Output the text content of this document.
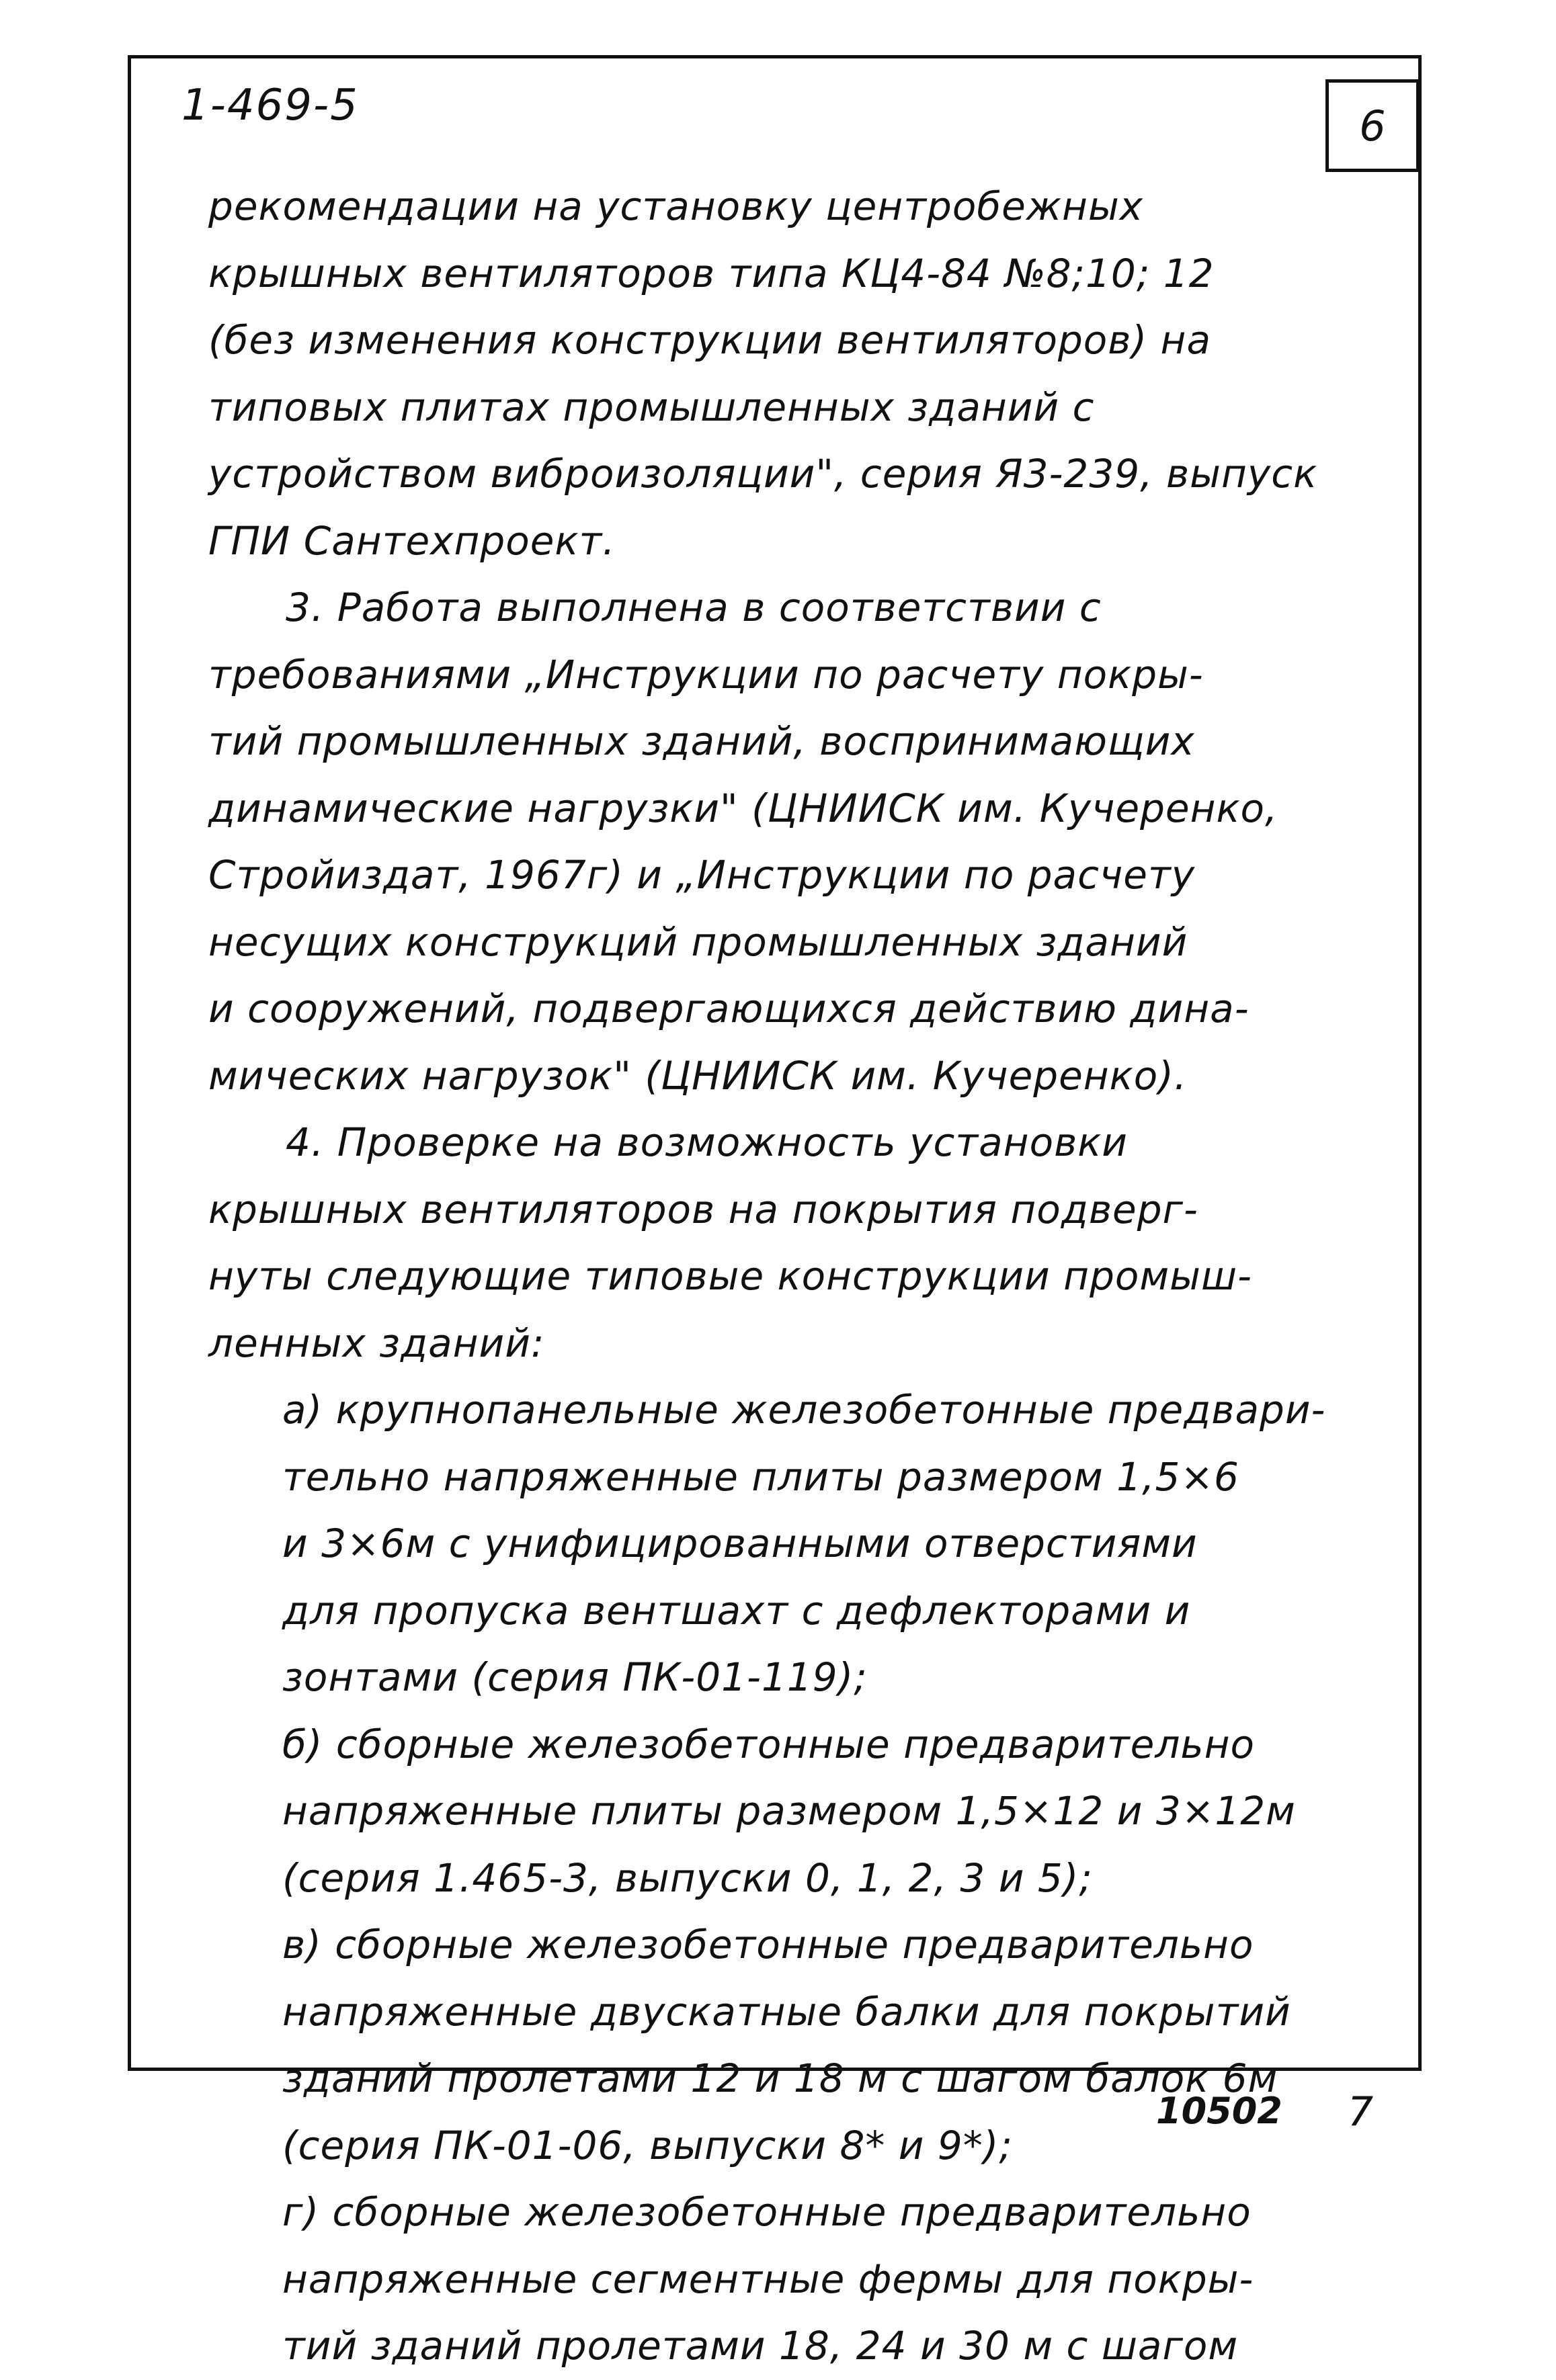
1-469-5	6
рекомендации на установку центробежных
крышных вентиляторов типа КЦ4-84 №8;10; 12
(без изменения конструкции вентиляторов) на
типовых плитах промышленных зданий с
устройством виброизоляции", серия Я3-239, выпуск
ГПИ Сантехпроект.
3. Работа выполнена в соответствии с
требованиями „Инструкции по расчету покры-
тий промышленных зданий, воспринимающих
динамические нагрузки" (ЦНИИСК им. Кучеренко,
Стройиздат, 1967г) и „Инструкции по расчету
несущих конструкций промышленных зданий
и сооружений, подвергающихся действию дина-
мических нагрузок" (ЦНИИСК им. Кучеренко).
4. Проверке на возможность установки
крышных вентиляторов на покрытия подверг-
нуты следующие типовые конструкции промыш-
ленных зданий:
а) крупнопанельные железобетонные предвари-
тельно напряженные плиты размером 1,5×6
и 3×6м с унифицированными отверстиями
для пропуска вентшахт с дефлекторами и
зонтами (серия ПК-01-119);
б) сборные железобетонные предварительно
напряженные плиты размером 1,5×12 и 3×12м
(серия 1.465-3, выпуски 0, 1, 2, 3 и 5);
в) сборные железобетонные предварительно
напряженные двускатные балки для покрытий
зданий пролетами 12 и 18 м с шагом балок 6м
(серия ПК-01-06, выпуски 8* и 9*);
г) сборные железобетонные предварительно
напряженные сегментные фермы для покры-
тий зданий пролетами 18, 24 и 30 м с шагом
10502 7
